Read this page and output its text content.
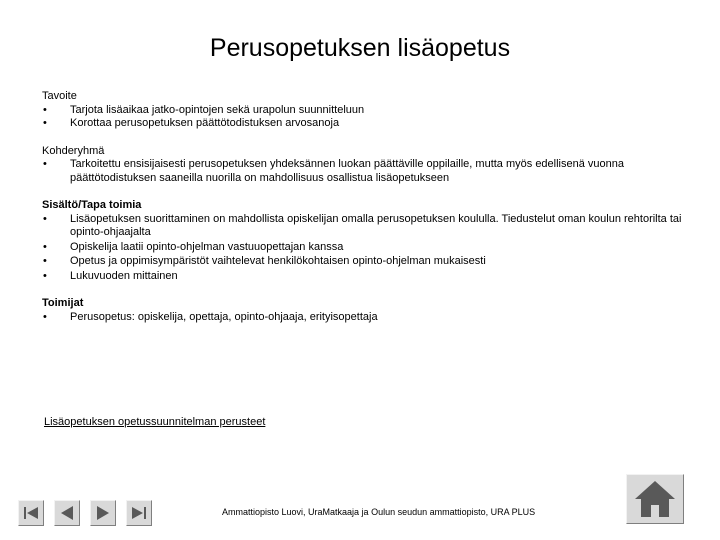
Perusopetuksen lisäopetus
Tavoite
• Tarjota lisäaikaa jatko-opintojen sekä urapolun suunnitteluun
• Korottaa perusopetuksen päättötodistuksen arvosanoja
Kohderyhmä
• Tarkoitettu ensisijaisesti perusopetuksen yhdeksännen luokan päättäville oppilaille, mutta myös edellisenä vuonna päättötodistuksen saaneilla nuorilla on mahdollisuus osallistua lisäopetukseen
Sisältö/Tapa toimia
• Lisäopetuksen suorittaminen on mahdollista opiskelijan omalla perusopetuksen koululla. Tiedustelut oman koulun rehtorilta tai opinto-ohjaajalta
• Opiskelija laatii opinto-ohjelman vastuuopettajan kanssa
• Opetus ja oppimisympäristöt vaihtelevat henkilökohtaisen opinto-ohjelman mukaisesti
• Lukuvuoden mittainen
Toimijat
• Perusopetus: opiskelija, opettaja, opinto-ohjaaja, erityisopettaja
Lisäopetuksen opetussuunnitelman perusteet
Ammattiopisto Luovi, UraMatkaaja ja Oulun seudun ammattiopisto, URA PLUS
